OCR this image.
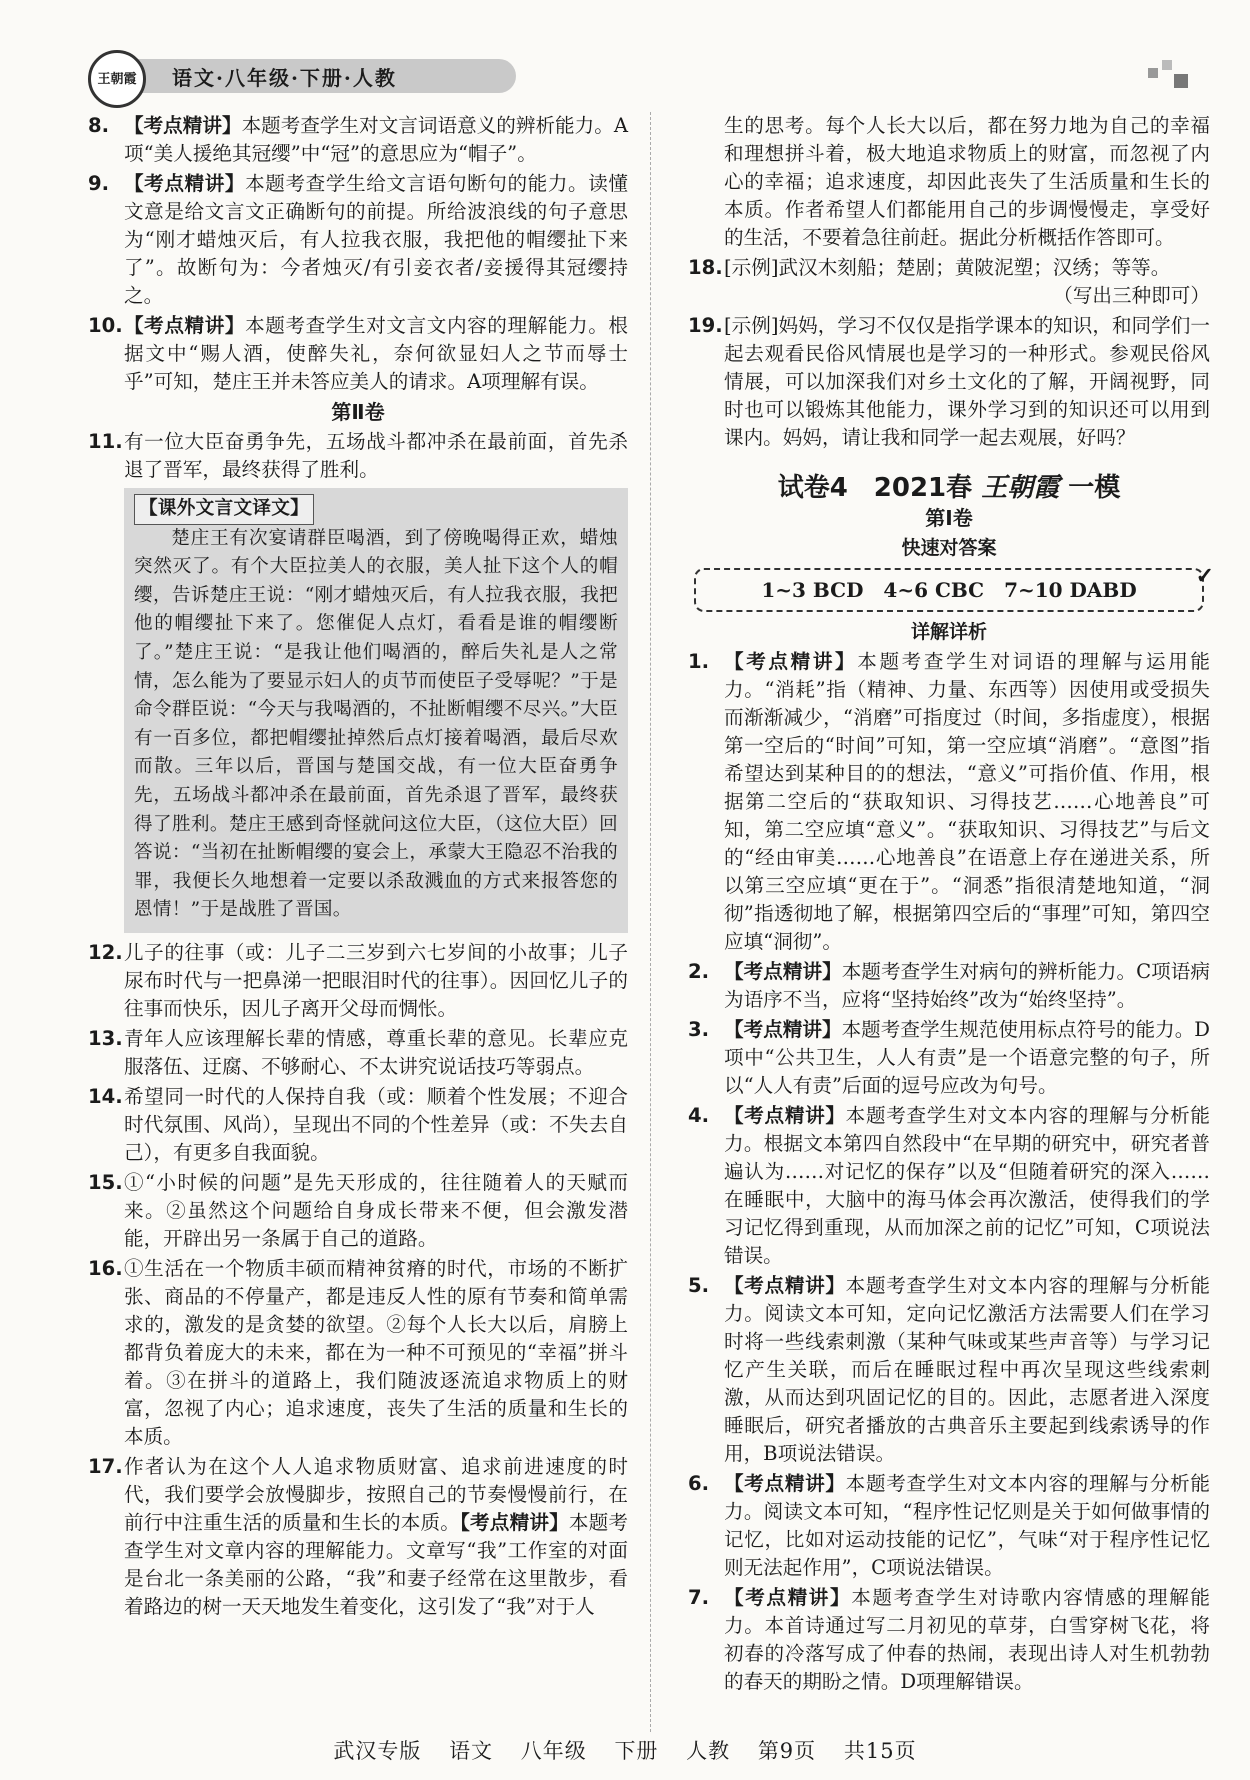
王朝霞	语文·八年级·下册·人教
8. 【考点精讲】本题考查学生对文言词语意义的辨析能力。A项“美人援绝其冠缨”中“冠”的意思应为“帽子”。
9. 【考点精讲】本题考查学生给文言语句断句的能力。读懂文意是给文言文正确断句的前提。所给波浪线的句子意思为“刚才蜡烛灭后，有人拉我衣服，我把他的帽缨扯下来了”。故断句为：今者烛灭/有引妾衣者/妾援得其冠缨持之。
10. 【考点精讲】本题考查学生对文言文内容的理解能力。根据文中“赐人酒，使醉失礼，奈何欲显妇人之节而辱士乎”可知，楚庄王并未答应美人的请求。A项理解有误。
第Ⅱ卷
11. 有一位大臣奋勇争先，五场战斗都冲杀在最前面，首先杀退了晋军，最终获得了胜利。
【课外文言文译文】

楚庄王有次宴请群臣喝酒，到了傍晚喝得正欢，蜡烛突然灭了。有个大臣拉美人的衣服，美人扯下这个人的帽缨，告诉楚庄王说：“刚才蜡烛灭后，有人拉我衣服，我把他的帽缨扯下来了。您催促人点灯，看看是谁的帽缨断了。”楚庄王说：“是我让他们喝酒的，醉后失礼是人之常情，怎么能为了要显示妇人的贞节而使臣子受辱呢？”于是命令群臣说：“今天与我喝酒的，不扯断帽缨不尽兴。”大臣有一百多位，都把帽缨扯掉然后点灯接着喝酒，最后尽欢而散。三年以后，晋国与楚国交战，有一位大臣奋勇争先，五场战斗都冲杀在最前面，首先杀退了晋军，最终获得了胜利。楚庄王感到奇怪就问这位大臣，（这位大臣）回答说：“当初在扯断帽缨的宴会上，承蒙大王隐忍不治我的罪，我便长久地想着一定要以杀敌溅血的方式来报答您的恩情！”于是战胜了晋国。

12. 儿子的往事（或：儿子二三岁到六七岁间的小故事；儿子尿布时代与一把鼻涕一把眼泪时代的往事）。因回忆儿子的往事而快乐，因儿子离开父母而惆怅。
13. 青年人应该理解长辈的情感，尊重长辈的意见。长辈应克服落伍、迂腐、不够耐心、不太讲究说话技巧等弱点。
14. 希望同一时代的人保持自我（或：顺着个性发展；不迎合时代氛围、风尚），呈现出不同的个性差异（或：不失去自己），有更多自我面貌。
15. ①“小时候的问题”是先天形成的，往往随着人的天赋而来。②虽然这个问题给自身成长带来不便，但会激发潜能，开辟出另一条属于自己的道路。
16. ①生活在一个物质丰硕而精神贫瘠的时代，市场的不断扩张、商品的不停量产，都是违反人性的原有节奏和简单需求的，激发的是贪婪的欲望。②每个人长大以后，肩膀上都背负着庞大的未来，都在为一种不可预见的“幸福”拼斗着。③在拼斗的道路上，我们随波逐流追求物质上的财富，忽视了内心；追求速度，丧失了生活的质量和生长的本质。
17. 作者认为在这个人人追求物质财富、追求前进速度的时代，我们要学会放慢脚步，按照自己的节奏慢慢前行，在前行中注重生活的质量和生长的本质。【考点精讲】本题考查学生对文章内容的理解能力。文章写“我”工作室的对面是台北一条美丽的公路，“我”和妻子经常在这里散步，看着路边的树一天天地发生着变化，这引发了“我”对于人
生的思考。每个人长大以后，都在努力地为自己的幸福和理想拼斗着，极大地追求物质上的财富，而忽视了内心的幸福；追求速度，却因此丧失了生活质量和生长的本质。作者希望人们都能用自己的步调慢慢走，享受好的生活，不要着急往前赶。据此分析概括作答即可。
18. [示例]武汉木刻船；楚剧；黄陂泥塑；汉绣；等等。
（写出三种即可）
19. [示例]妈妈，学习不仅仅是指学课本的知识，和同学们一起去观看民俗风情展也是学习的一种形式。参观民俗风情展，可以加深我们对乡土文化的了解，开阔视野，同时也可以锻炼其他能力，课外学习到的知识还可以用到课内。妈妈，请让我和同学一起去观展，好吗？
试卷4　2021春 王朝霞 一模
第Ⅰ卷
快速对答案
1~3 BCD　4~6 CBC　7~10 DABD
✓
详解详析
1. 【考点精讲】本题考查学生对词语的理解与运用能力。“消耗”指（精神、力量、东西等）因使用或受损失而渐渐减少，“消磨”可指度过（时间，多指虚度），根据第一空后的“时间”可知，第一空应填“消磨”。“意图”指希望达到某种目的的想法，“意义”可指价值、作用，根据第二空后的“获取知识、习得技艺……心地善良”可知，第二空应填“意义”。“获取知识、习得技艺”与后文的“经由审美……心地善良”在语意上存在递进关系，所以第三空应填“更在于”。“洞悉”指很清楚地知道，“洞彻”指透彻地了解，根据第四空后的“事理”可知，第四空应填“洞彻”。
2. 【考点精讲】本题考查学生对病句的辨析能力。C项语病为语序不当，应将“坚持始终”改为“始终坚持”。
3. 【考点精讲】本题考查学生规范使用标点符号的能力。D项中“公共卫生，人人有责”是一个语意完整的句子，所以“人人有责”后面的逗号应改为句号。
4. 【考点精讲】本题考查学生对文本内容的理解与分析能力。根据文本第四自然段中“在早期的研究中，研究者普遍认为……对记忆的保存”以及“但随着研究的深入……在睡眠中，大脑中的海马体会再次激活，使得我们的学习记忆得到重现，从而加深之前的记忆”可知，C项说法错误。
5. 【考点精讲】本题考查学生对文本内容的理解与分析能力。阅读文本可知，定向记忆激活方法需要人们在学习时将一些线索刺激（某种气味或某些声音等）与学习记忆产生关联，而后在睡眠过程中再次呈现这些线索刺激，从而达到巩固记忆的目的。因此，志愿者进入深度睡眠后，研究者播放的古典音乐主要起到线索诱导的作用，B项说法错误。
6. 【考点精讲】本题考查学生对文本内容的理解与分析能力。阅读文本可知，“程序性记忆则是关于如何做事情的记忆，比如对运动技能的记忆”，气味“对于程序性记忆则无法起作用”，C项说法错误。
7. 【考点精讲】本题考查学生对诗歌内容情感的理解能力。本首诗通过写二月初见的草芽，白雪穿树飞花，将初春的冷落写成了仲春的热闹，表现出诗人对生机勃勃的春天的期盼之情。D项理解错误。
武汉专版 语文 八年级 下册 人教 第9页 共15页
